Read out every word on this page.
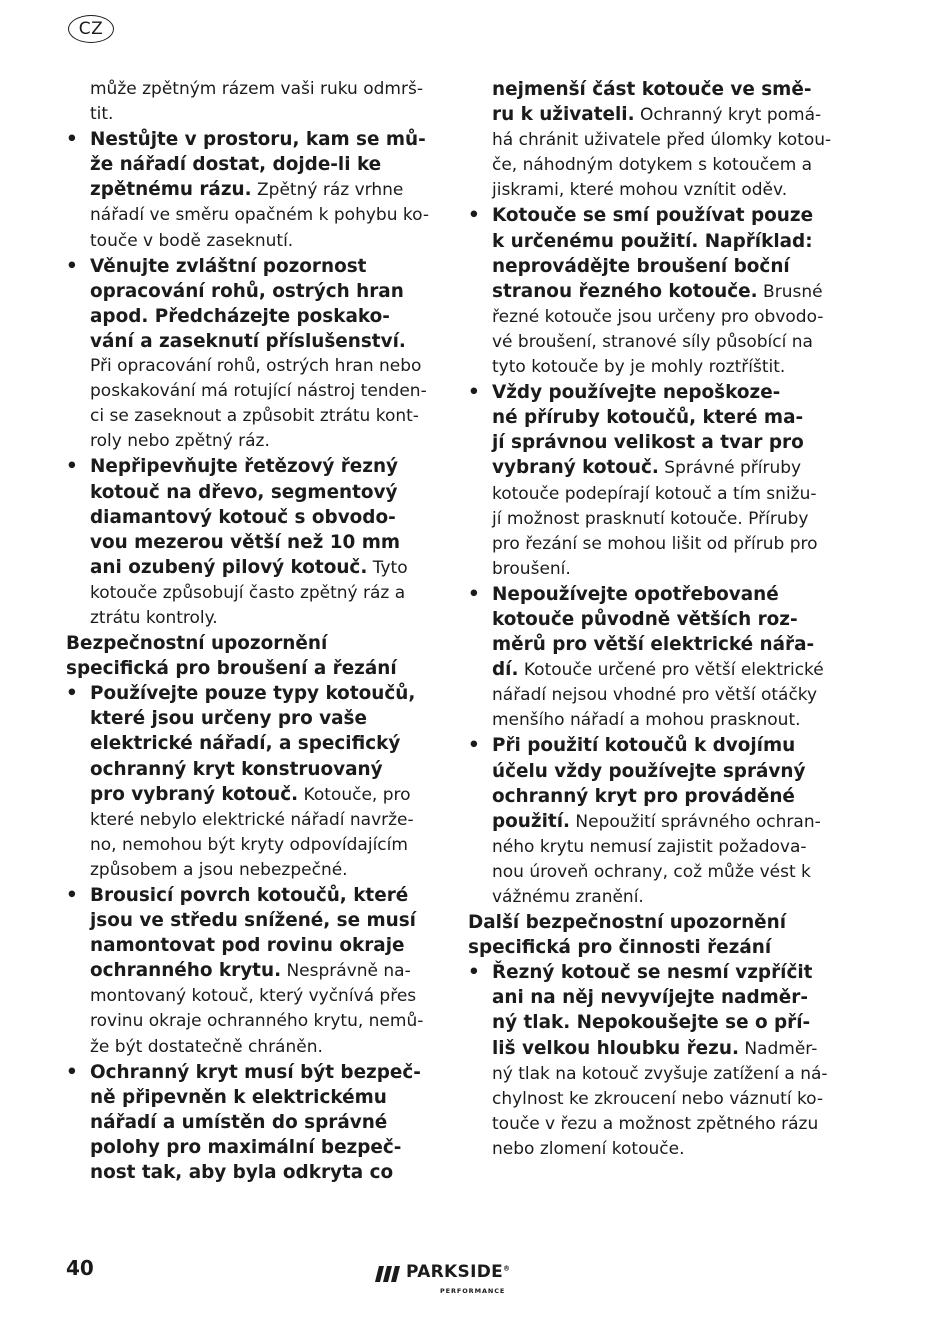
CZ
může zpětným rázem vaši ruku odmrš-
tit.
• Nestůjte v prostoru, kam se mů-
že nářadí dostat, dojde-li ke
zpětnému rázu. Zpětný ráz vrhne
nářadí ve směru opačném k pohybu ko-
touče v bodě zaseknutí.
• Věnujte zvláštní pozornost
opracování rohů, ostrých hran
apod. Předcházejte poskako-
vání a zaseknutí příslušenství.
Při opracování rohů, ostrých hran nebo
poskakování má rotující nástroj tenden-
ci se zaseknout a způsobit ztrátu kont-
roly nebo zpětný ráz.
• Nepřipevňujte řetězový řezný
kotouč na dřevo, segmentový
diamantový kotouč s obvodo-
vou mezerou větší než 10 mm
ani ozubený pilový kotouč. Tyto
kotouče způsobují často zpětný ráz a
ztrátu kontroly.
Bezpečnostní upozornění
specifická pro broušení a řezání
• Používejte pouze typy kotoučů,
které jsou určeny pro vaše
elektrické nářadí, a specifický
ochranný kryt konstruovaný
pro vybraný kotouč. Kotouče, pro
které nebylo elektrické nářadí navrže-
no, nemohou být kryty odpovídajícím
způsobem a jsou nebezpečné.
• Brousicí povrch kotoučů, které
jsou ve středu snížené, se musí
namontovat pod rovinu okraje
ochranného krytu. Nesprávně na-
montovaný kotouč, který vyčnívá přes
rovinu okraje ochranného krytu, nemů-
že být dostatečně chráněn.
• Ochranný kryt musí být bezpeč-
ně připevněn k elektrickému
nářadí a umístěn do správné
polohy pro maximální bezpeč-
nost tak, aby byla odkryta co
nejmenší část kotouče ve smě-
ru k uživateli. Ochranný kryt pomá-
há chránit uživatele před úlomky kotou-
če, náhodným dotykem s kotoučem a
jiskrami, které mohou vznítit oděv.
• Kotouče se smí používat pouze
k určenému použití. Například:
neprovádějte broušení boční
stranou řezného kotouče. Brusné
řezné kotouče jsou určeny pro obvodo-
vé broušení, stranové síly působící na
tyto kotouče by je mohly roztříštit.
• Vždy používejte nepoškoze-
né příruby kotoučů, které ma-
jí správnou velikost a tvar pro
vybraný kotouč. Správné příruby
kotouče podepírají kotouč a tím snižu-
jí možnost prasknutí kotouče. Příruby
pro řezání se mohou lišit od přírub pro
broušení.
• Nepoužívejte opotřebované
kotouče původně větších roz-
měrů pro větší elektrické nářa-
dí. Kotouče určené pro větší elektrické
nářadí nejsou vhodné pro větší otáčky
menšího nářadí a mohou prasknout.
• Při použití kotoučů k dvojímu
účelu vždy používejte správný
ochranný kryt pro prováděné
použití. Nepoužití správného ochran-
ného krytu nemusí zajistit požadova-
nou úroveň ochrany, což může vést k
vážnému zranění.
Další bezpečnostní upozornění
specifická pro činnosti řezání
• Řezný kotouč se nesmí vzpříčit
ani na něj nevyvíjejte nadměr-
ný tlak. Nepokoušejte se o pří-
liš velkou hloubku řezu. Nadměr-
ný tlak na kotouč zvyšuje zatížení a ná-
chylnost ke zkroucení nebo váznutí ko-
touče v řezu a možnost zpětného rázu
nebo zlomení kotouče.
40	PARKSIDE®
PERFORMANCE
